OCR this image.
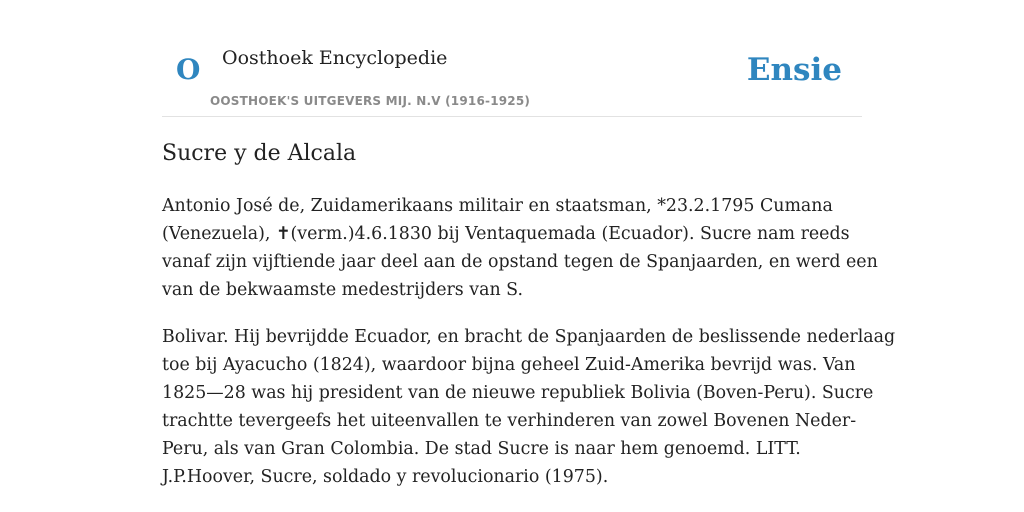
O Oosthoek Encyclopedie
OOSTHOEK'S UITGEVERS MIJ. N.V (1916-1925)
Ensie
Sucre y de Alcala

Antonio José de, Zuidamerikaans militair en staatsman, *23.2.1795 Cumana
(Venezuela), ✝(verm.)4.6.1830 bij Ventaquemada (Ecuador). Sucre nam reeds
vanaf zijn vijftiende jaar deel aan de opstand tegen de Spanjaarden, en werd een
van de bekwaamste medestrijders van S.

Bolivar. Hij bevrijdde Ecuador, en bracht de Spanjaarden de beslissende nederlaag
toe bij Ayacucho (1824), waardoor bijna geheel Zuid-Amerika bevrijd was. Van
1825—28 was hij president van de nieuwe republiek Bolivia (Boven-Peru). Sucre
trachtte tevergeefs het uiteenvallen te verhinderen van zowel Bovenen Neder-
Peru, als van Gran Colombia. De stad Sucre is naar hem genoemd. LITT.
J.P.Hoover, Sucre, soldado y revolucionario (1975).
